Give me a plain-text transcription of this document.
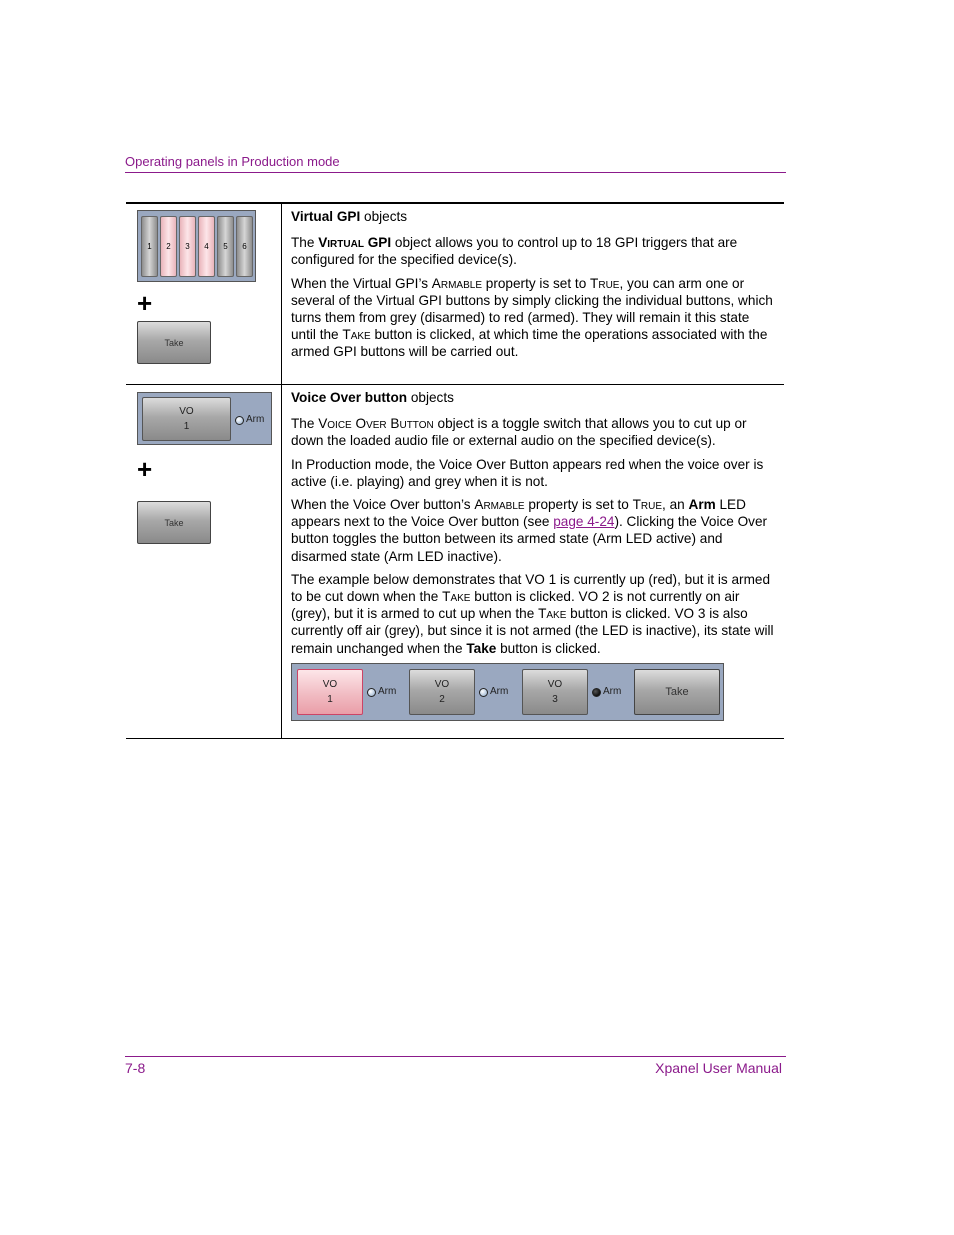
Operating panels in Production mode
1	2	3	4	5	6
+
Take

Virtual GPI objects

The Virtual GPI object allows you to control up to 18 GPI triggers that are configured for the specified device(s).

When the Virtual GPI’s Armable property is set to True, you can arm one or several of the Virtual GPI buttons by simply clicking the individual buttons, which turns them from grey (disarmed) to red (armed). They will remain it this state until the Take button is clicked, at which time the operations associated with the armed GPI buttons will be carried out.

VO
1
Arm
+
Take

Voice Over button objects

The Voice Over Button object is a toggle switch that allows you to cut up or down the loaded audio file or external audio on the specified device(s).

In Production mode, the Voice Over Button appears red when the voice over is active (i.e. playing) and grey when it is not.

When the Voice Over button’s Armable property is set to True, an Arm LED appears next to the Voice Over button (see page 4-24). Clicking the Voice Over button toggles the button between its armed state (Arm LED active) and disarmed state (Arm LED inactive).

The example below demonstrates that VO 1 is currently up (red), but it is armed to be cut down when the Take button is clicked. VO 2 is not currently on air (grey), but it is armed to cut up when the Take button is clicked. VO 3 is also currently off air (grey), but since it is not armed (the LED is inactive), its state will remain unchanged when the Take button is clicked.

VO
1
Arm
VO
2
Arm
VO
3
Arm	Take
7-8	Xpanel User Manual
